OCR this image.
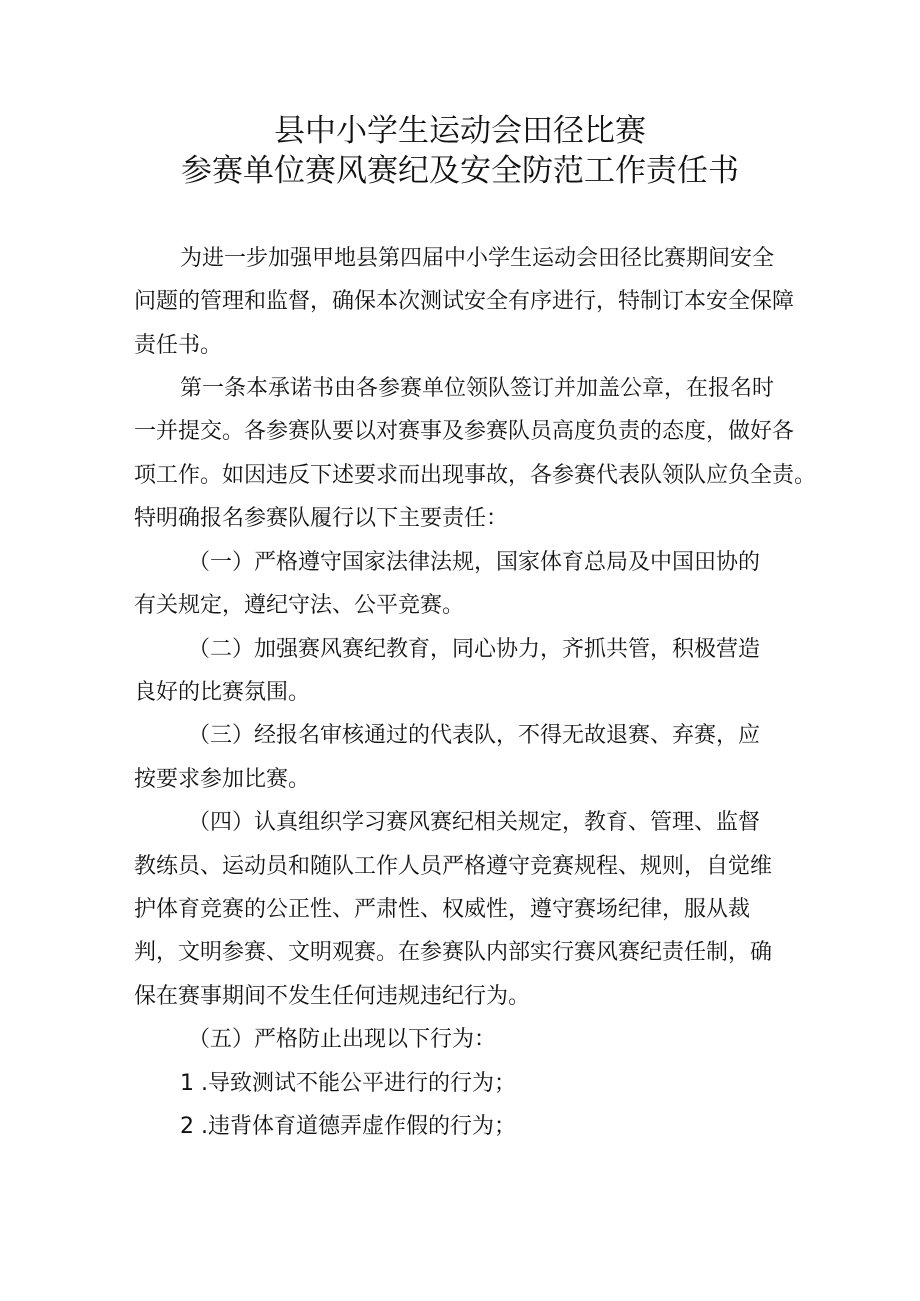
县中小学生运动会田径比赛
参赛单位赛风赛纪及安全防范工作责任书

为进一步加强甲地县第四届中小学生运动会田径比赛期间安全

问题的管理和监督，确保本次测试安全有序进行，特制订本安全保障

责任书。

第一条本承诺书由各参赛单位领队签订并加盖公章，在报名时

一并提交。各参赛队要以对赛事及参赛队员高度负责的态度，做好各

项工作。如因违反下述要求而出现事故，各参赛代表队领队应负全责。

特明确报名参赛队履行以下主要责任：

（一）严格遵守国家法律法规，国家体育总局及中国田协的

有关规定，遵纪守法、公平竞赛。

（二）加强赛风赛纪教育，同心协力，齐抓共管，积极营造

良好的比赛氛围。

（三）经报名审核通过的代表队，不得无故退赛、弃赛，应

按要求参加比赛。

（四）认真组织学习赛风赛纪相关规定，教育、管理、监督

教练员、运动员和随队工作人员严格遵守竞赛规程、规则，自觉维

护体育竞赛的公正性、严肃性、权威性，遵守赛场纪律，服从裁

判，文明参赛、文明观赛。在参赛队内部实行赛风赛纪责任制，确

保在赛事期间不发生任何违规违纪行为。

（五）严格防止出现以下行为：

1 .导致测试不能公平进行的行为；

2 .违背体育道德弄虚作假的行为；
